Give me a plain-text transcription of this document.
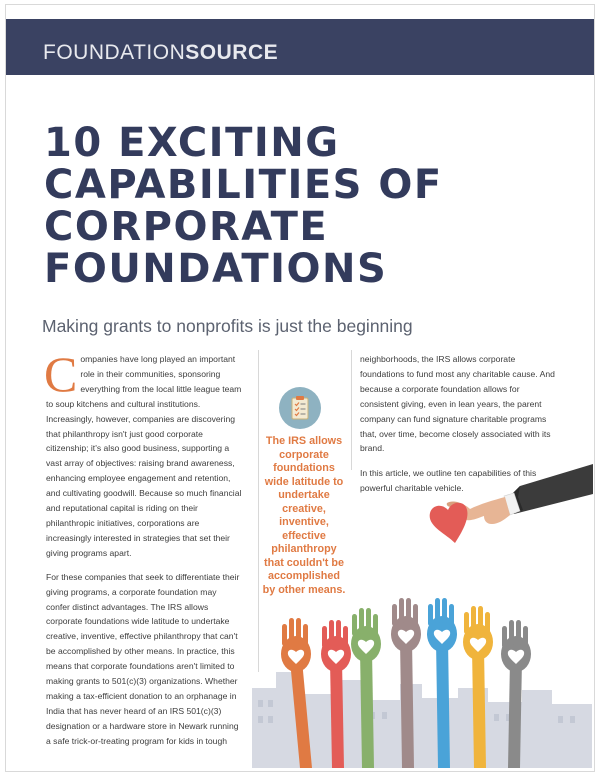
FOUNDATIONSOURCE
10 EXCITING CAPABILITIES OF CORPORATE FOUNDATIONS
Making grants to nonprofits is just the beginning

Companies have long played an important role in their communities, sponsoring everything from the local little league team to soup kitchens and cultural institutions. Increasingly, however, companies are discovering that philanthropy isn't just good corporate citizenship; it's also good business, supporting a vast array of objectives: raising brand awareness, enhancing employee engagement and retention, and cultivating goodwill. Because so much financial and reputational capital is riding on their philanthropic initiatives, corporations are increasingly interested in strategies that set their giving programs apart.

For these companies that seek to differentiate their giving programs, a corporate foundation may confer distinct advantages. The IRS allows corporate foundations wide latitude to undertake creative, inventive, effective philanthropy that can't be accomplished by other means. In practice, this means that corporate foundations aren't limited to making grants to 501(c)(3) organizations. Whether making a tax-efficient donation to an orphanage in India that has never heard of an IRS 501(c)(3) designation or a hardware store in Newark running a safe trick-or-treating program for kids in tough

The IRS allows corporate foundations wide latitude to undertake creative, inventive, effective philanthropy that couldn't be accomplished by other means.

neighborhoods, the IRS allows corporate foundations to fund most any charitable cause. And because a corporate foundation allows for consistent giving, even in lean years, the parent company can fund signature charitable programs that, over time, become closely associated with its brand.

In this article, we outline ten capabilities of this powerful charitable vehicle.
